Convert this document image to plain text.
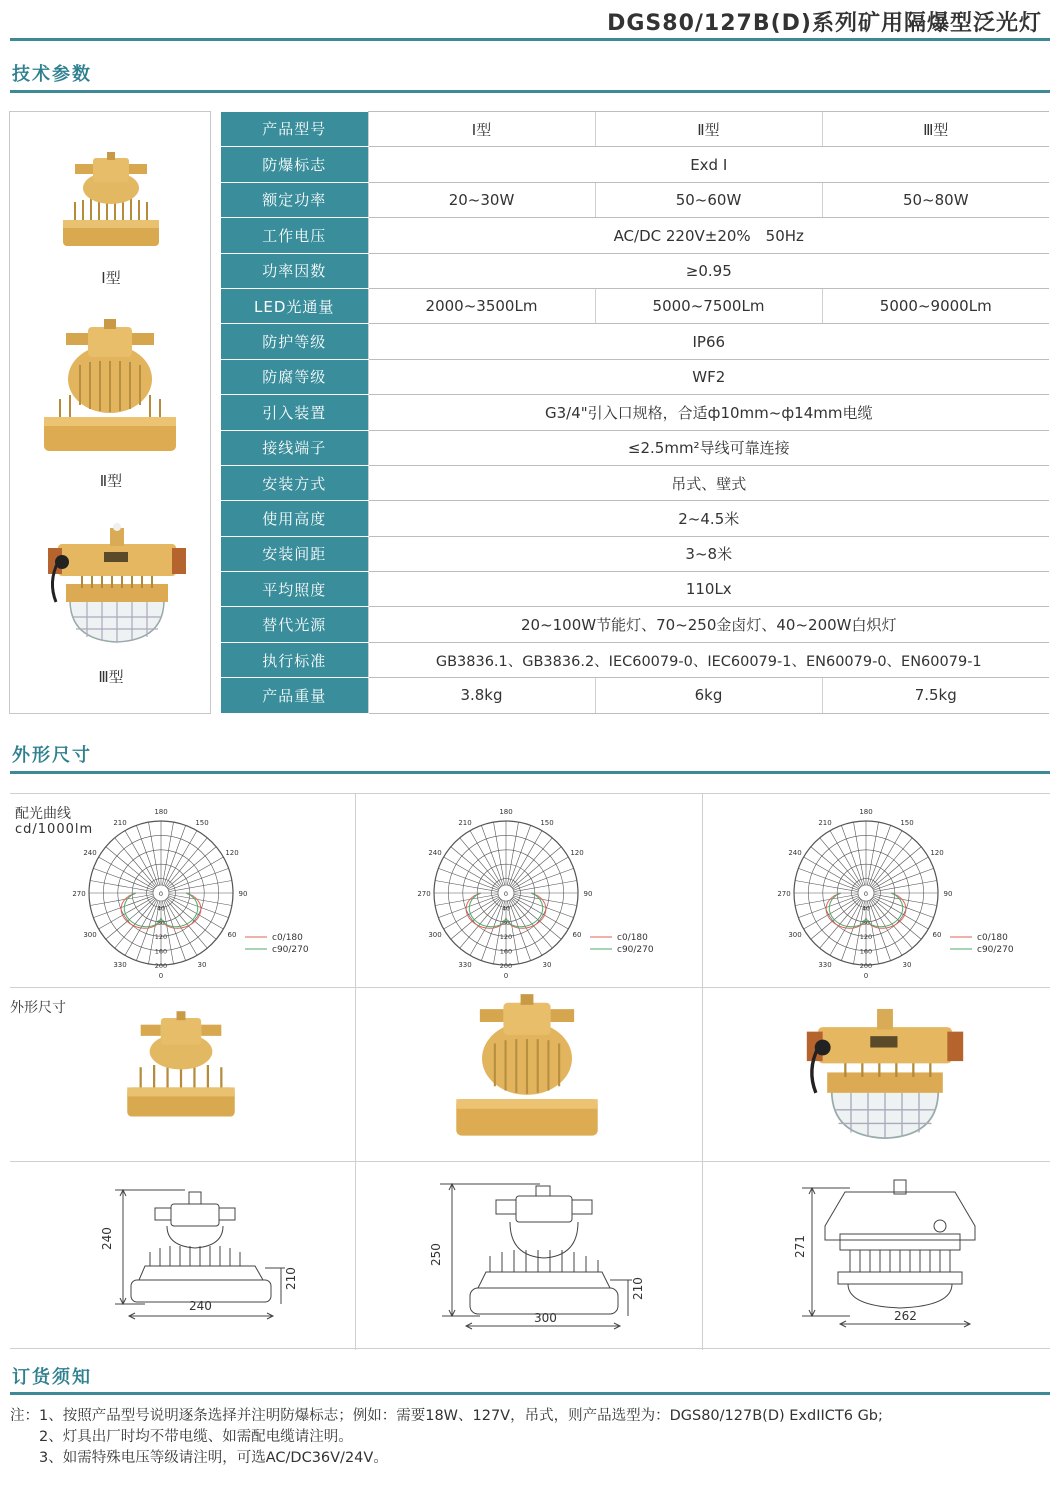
DGS80/127B(D)系列矿用隔爆型泛光灯
技术参数
Ⅰ型
Ⅱ型
Ⅲ型
产品型号	Ⅰ型	Ⅱ型	Ⅲ型
防爆标志	Exd Ⅰ		
额定功率	20~30W	50~60W	50~80W
工作电压	AC/DC 220V±20%　50Hz		
功率因数	≥0.95		
LED光通量	2000~3500Lm	5000~7500Lm	5000~9000Lm
防护等级	IP66		
防腐等级	WF2		
引入装置	G3/4"引入口规格，合适ф10mm~ф14mm电缆		
接线端子	≤2.5mm²导线可靠连接		
安装方式	吊式、壁式		
使用高度	2~4.5米		
安装间距	3~8米		
平均照度	110Lx		
替代光源	20~100W节能灯、70~250金卤灯、40~200W白炽灯		
执行标准	GB3836.1、GB3836.2、IEC60079-0、IEC60079-1、EN60079-0、EN60079-1		
产品重量	3.8kg	6kg	7.5kg
外形尺寸
配光曲线
cd/1000lm
180
150
120
90
60
30
0
330
300
270
240
210
0
40
80
120
160
200
c0/180
c90/270
180
150
120
90
60
30
0
330
300
270
240
210
0
40
80
120
160
200
c0/180
c90/270
180
150
120
90
60
30
0
330
300
270
240
210
0
40
80
120
160
200
c0/180
c90/270
外形尺寸
240
240
210
250
300
210
271
262
订货须知
注：1、按照产品型号说明逐条选择并注明防爆标志；例如：需要18W、127V，吊式，则产品选型为：DGS80/127B(D) ExdIICT6 Gb;
　　2、灯具出厂时均不带电缆、如需配电缆请注明。
　　3、如需特殊电压等级请注明，可选AC/DC36V/24V。
